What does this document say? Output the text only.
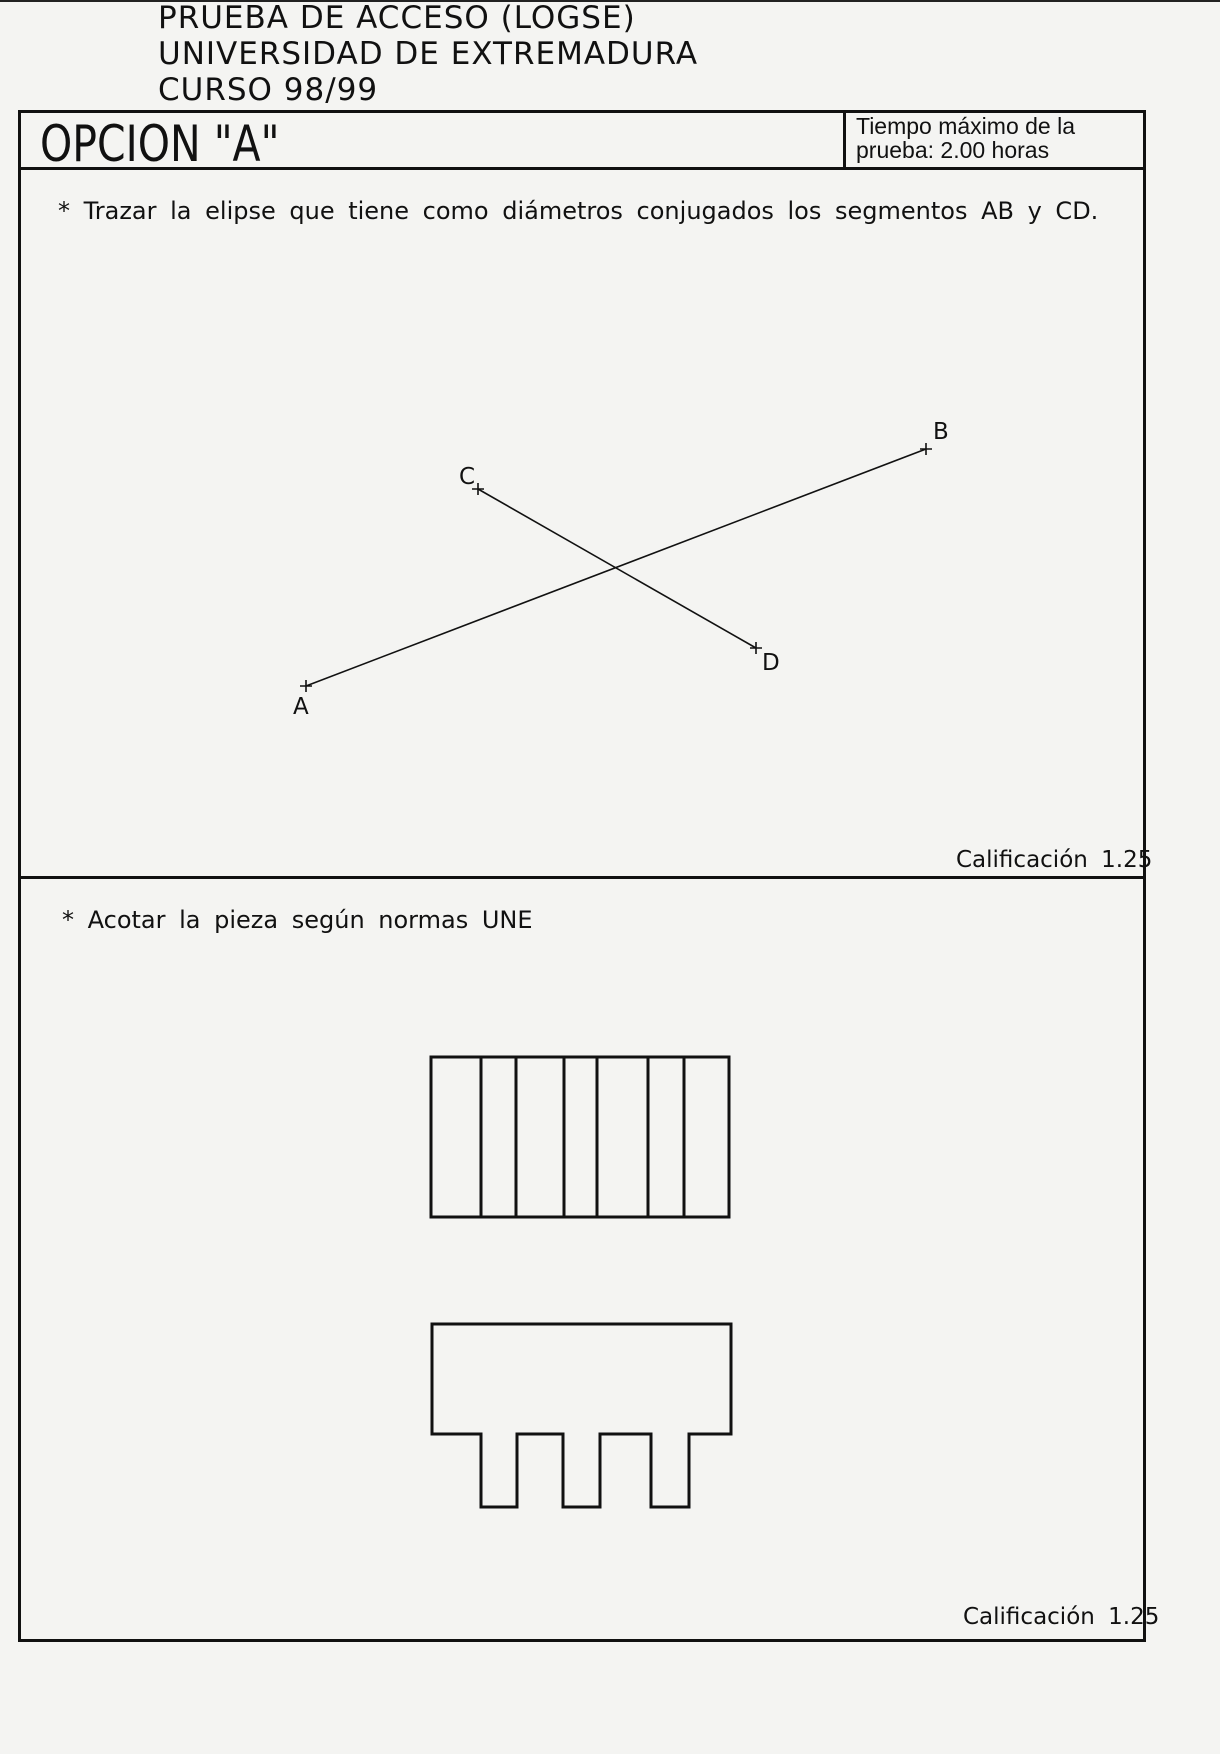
PRUEBA DE ACCESO (LOGSE)
UNIVERSIDAD DE EXTREMADURA
CURSO 98/99
OPCION "A"	Tiempo máximo de la
prueba: 2.00 horas
* Trazar la elipse que tiene como diámetros conjugados los segmentos AB y CD.
Calificación 1.25
* Acotar la pieza según normas UNE
Calificación 1.25
A
B
C
D
